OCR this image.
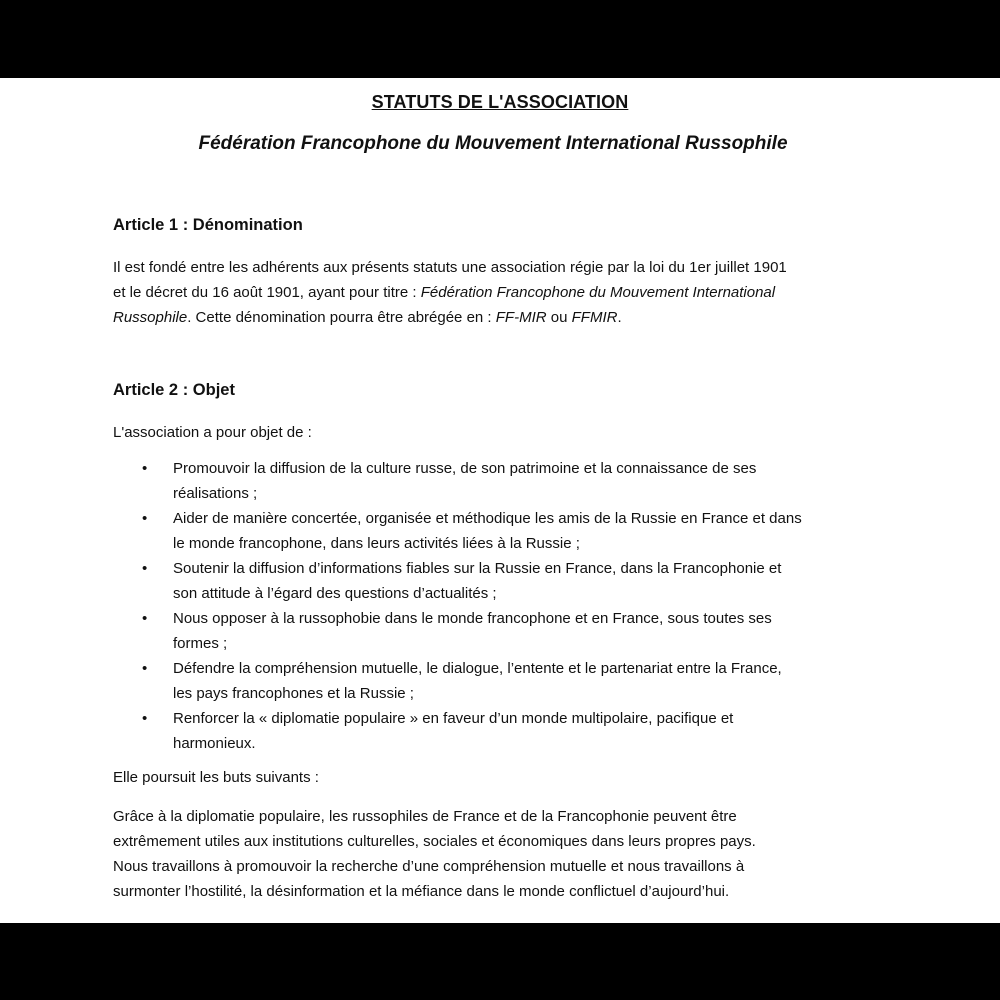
STATUTS DE L'ASSOCIATION
Fédération Francophone du Mouvement International Russophile
Article 1 : Dénomination
Il est fondé entre les adhérents aux présents statuts une association régie par la loi du 1er juillet 1901
et le décret du 16 août 1901, ayant pour titre : Fédération Francophone du Mouvement International
Russophile. Cette dénomination pourra être abrégée en : FF-MIR ou FFMIR.
Article 2 : Objet
L'association a pour objet de :
• Promouvoir la diffusion de la culture russe, de son patrimoine et la connaissance de ses
réalisations ;
• Aider de manière concertée, organisée et méthodique les amis de la Russie en France et dans
le monde francophone, dans leurs activités liées à la Russie ;
• Soutenir la diffusion d’informations fiables sur la Russie en France, dans la Francophonie et
son attitude à l’égard des questions d’actualités ;
• Nous opposer à la russophobie dans le monde francophone et en France, sous toutes ses
formes ;
• Défendre la compréhension mutuelle, le dialogue, l’entente et le partenariat entre la France,
les pays francophones et la Russie ;
• Renforcer la « diplomatie populaire » en faveur d’un monde multipolaire, pacifique et
harmonieux.
Elle poursuit les buts suivants :
Grâce à la diplomatie populaire, les russophiles de France et de la Francophonie peuvent être
extrêmement utiles aux institutions culturelles, sociales et économiques dans leurs propres pays.
Nous travaillons à promouvoir la recherche d’une compréhension mutuelle et nous travaillons à
surmonter l’hostilité, la désinformation et la méfiance dans le monde conflictuel d’aujourd’hui.
